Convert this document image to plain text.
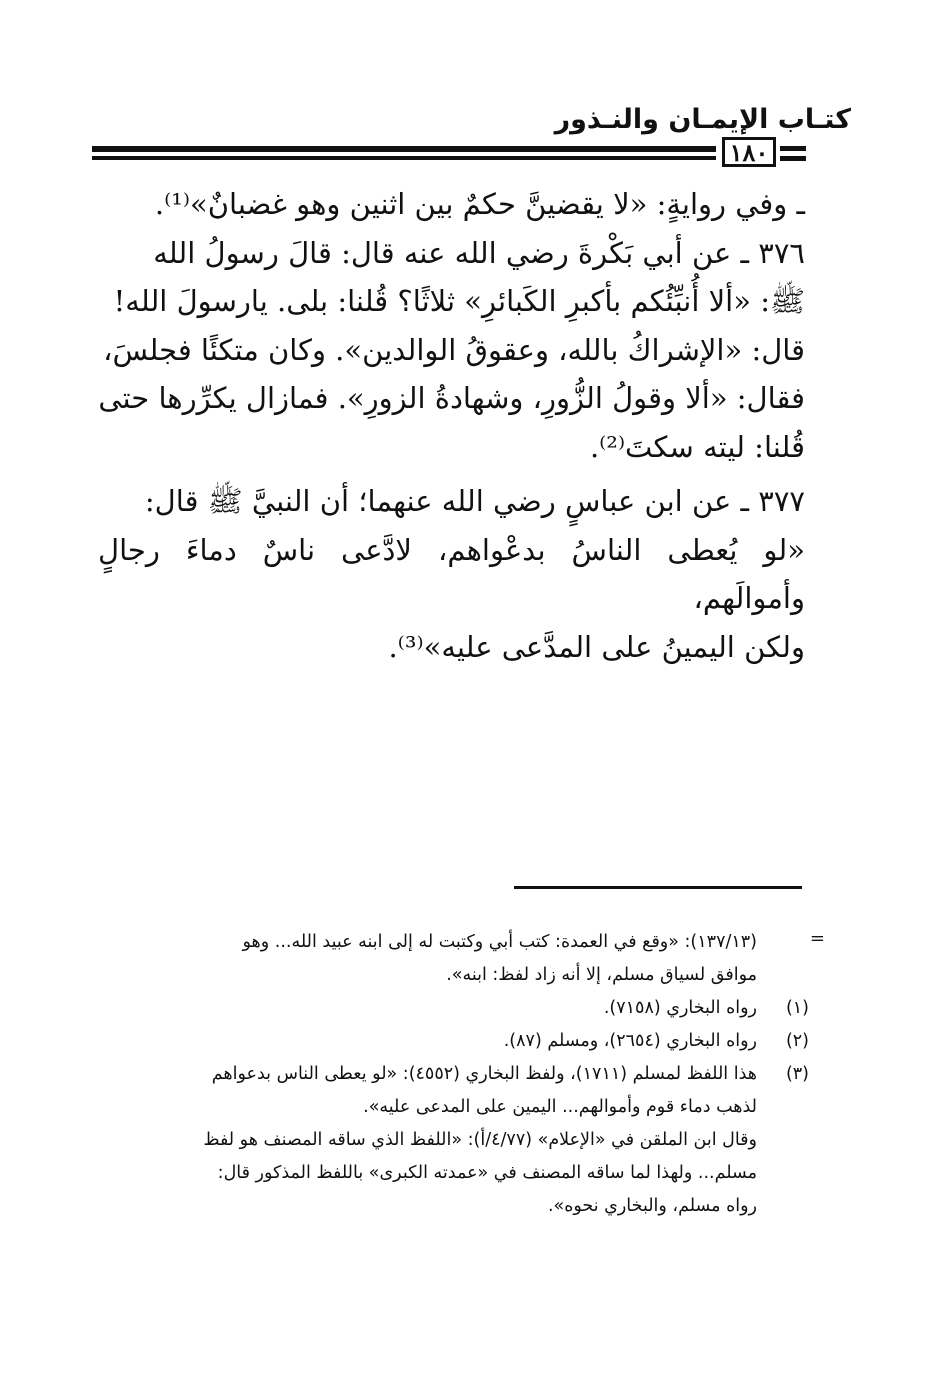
كتـاب الإيمـان والنـذور
١٨٠

ـ وفي روايةٍ: «لا يقضينَّ حكمٌ بين اثنين وهو غضبانٌ»⁽¹⁾.

٣٧٦ ـ عن أبي بَكْرةَ رضي الله عنه قال: قالَ رسولُ الله

ﷺ: «ألا أُنبِّئُكم بأكبرِ الكَبائرِ» ثلاثًا؟ قُلنا: بلى. يارسولَ الله!

قال: «الإشراكُ بالله، وعقوقُ الوالدين». وكان متكئًا فجلسَ،

فقال: «ألا وقولُ الزُّورِ، وشهادةُ الزورِ». فمازال يكرِّرها حتى

قُلنا: ليته سكتَ⁽²⁾.

٣٧٧ ـ عن ابن عباسٍ رضي الله عنهما؛ أن النبيَّ ﷺ قال:

«لو يُعطى الناسُ بدعْواهم، لادَّعى ناسٌ دماءَ رجالٍ وأموالَهم،

ولكن اليمينُ على المدَّعى عليه»⁽³⁾.

=
(١٣٧/١٣): «وقع في العمدة: كتب أبي وكتبت له إلى ابنه عبيد الله... وهو
موافق لسياق مسلم، إلا أنه زاد لفظ: ابنه».
(١)
رواه البخاري (٧١٥٨).
(٢)
رواه البخاري (٢٦٥٤)، ومسلم (٨٧).
(٣)
هذا اللفظ لمسلم (١٧١١)، ولفظ البخاري (٤٥٥٢): «لو يعطى الناس بدعواهم
لذهب دماء قوم وأموالهم... اليمين على المدعى عليه».
وقال ابن الملقن في «الإعلام» (٤/٧٧/أ): «اللفظ الذي ساقه المصنف هو لفظ
مسلم... ولهذا لما ساقه المصنف في «عمدته الكبرى» باللفظ المذكور قال:
رواه مسلم، والبخاري نحوه».
